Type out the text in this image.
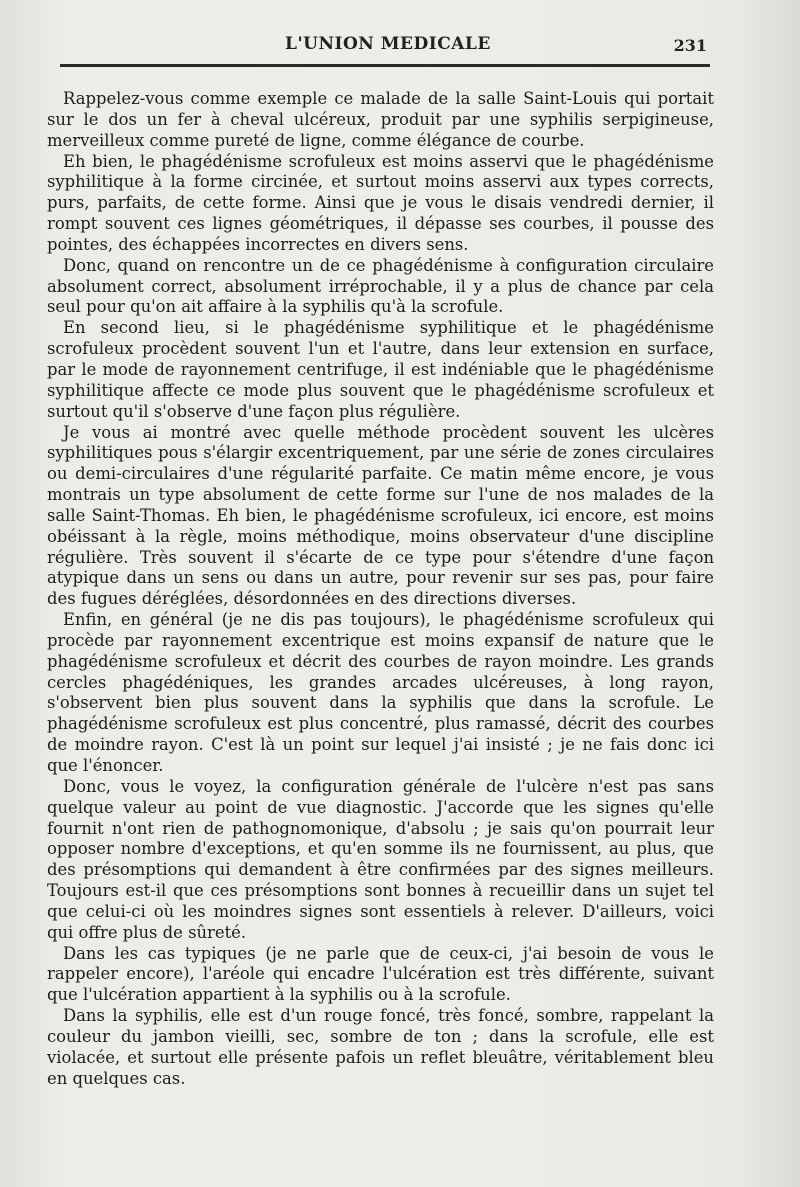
L'UNION MEDICALE	231

Rappelez-vous comme exemple ce malade de la salle Saint-Louis qui portait sur le dos un fer à cheval ulcéreux, produit par une syphilis serpigineuse, merveilleux comme pureté de ligne, comme élégance de courbe.

Eh bien, le phagédénisme scrofuleux est moins asservi que le phagédénisme syphilitique à la forme circinée, et surtout moins asservi aux types corrects, purs, parfaits, de cette forme. Ainsi que je vous le disais vendredi dernier, il rompt souvent ces lignes géométriques, il dépasse ses courbes, il pousse des pointes, des échappées incorrectes en divers sens.

Donc, quand on rencontre un de ce phagédénisme à configuration circulaire absolument correct, absolument irréprochable, il y a plus de chance par cela seul pour qu'on ait affaire à la syphilis qu'à la scrofule.

En second lieu, si le phagédénisme syphilitique et le phagédénisme scrofuleux procèdent souvent l'un et l'autre, dans leur extension en surface, par le mode de rayonnement centrifuge, il est indéniable que le phagédénisme syphilitique affecte ce mode plus souvent que le phagédénisme scrofuleux et surtout qu'il s'observe d'une façon plus régulière.

Je vous ai montré avec quelle méthode procèdent souvent les ulcères syphilitiques pous s'élargir excentriquement, par une série de zones circulaires ou demi-circulaires d'une régularité parfaite. Ce matin même encore, je vous montrais un type absolument de cette forme sur l'une de nos malades de la salle Saint-Thomas. Eh bien, le phagédénisme scrofuleux, ici encore, est moins obéissant à la règle, moins méthodique, moins observateur d'une discipline régulière. Très souvent il s'écarte de ce type pour s'étendre d'une façon atypique dans un sens ou dans un autre, pour revenir sur ses pas, pour faire des fugues déréglées, désordonnées en des directions diverses.

Enfin, en général (je ne dis pas toujours), le phagédénisme scrofuleux qui procède par rayonnement excentrique est moins expansif de nature que le phagédénisme scrofuleux et décrit des courbes de rayon moindre. Les grands cercles phagédéniques, les grandes arcades ulcéreuses, à long rayon, s'observent bien plus souvent dans la syphilis que dans la scrofule. Le phagédénisme scrofuleux est plus concentré, plus ramassé, décrit des courbes de moindre rayon. C'est là un point sur lequel j'ai insisté ; je ne fais donc ici que l'énoncer.

Donc, vous le voyez, la configuration générale de l'ulcère n'est pas sans quelque valeur au point de vue diagnostic. J'accorde que les signes qu'elle fournit n'ont rien de pathognomonique, d'absolu ; je sais qu'on pourrait leur opposer nombre d'exceptions, et qu'en somme ils ne fournissent, au plus, que des présomptions qui demandent à être confirmées par des signes meilleurs. Toujours est-il que ces présomptions sont bonnes à recueillir dans un sujet tel que celui-ci où les moindres signes sont essentiels à relever. D'ailleurs, voici qui offre plus de sûreté.

Dans les cas typiques (je ne parle que de ceux-ci, j'ai besoin de vous le rappeler encore), l'aréole qui encadre l'ulcération est très différente, suivant que l'ulcération appartient à la syphilis ou à la scrofule.

Dans la syphilis, elle est d'un rouge foncé, très foncé, sombre, rappelant la couleur du jambon vieilli, sec, sombre de ton ; dans la scrofule, elle est violacée, et surtout elle présente pafois un reflet bleuâtre, véritablement bleu en quelques cas.
